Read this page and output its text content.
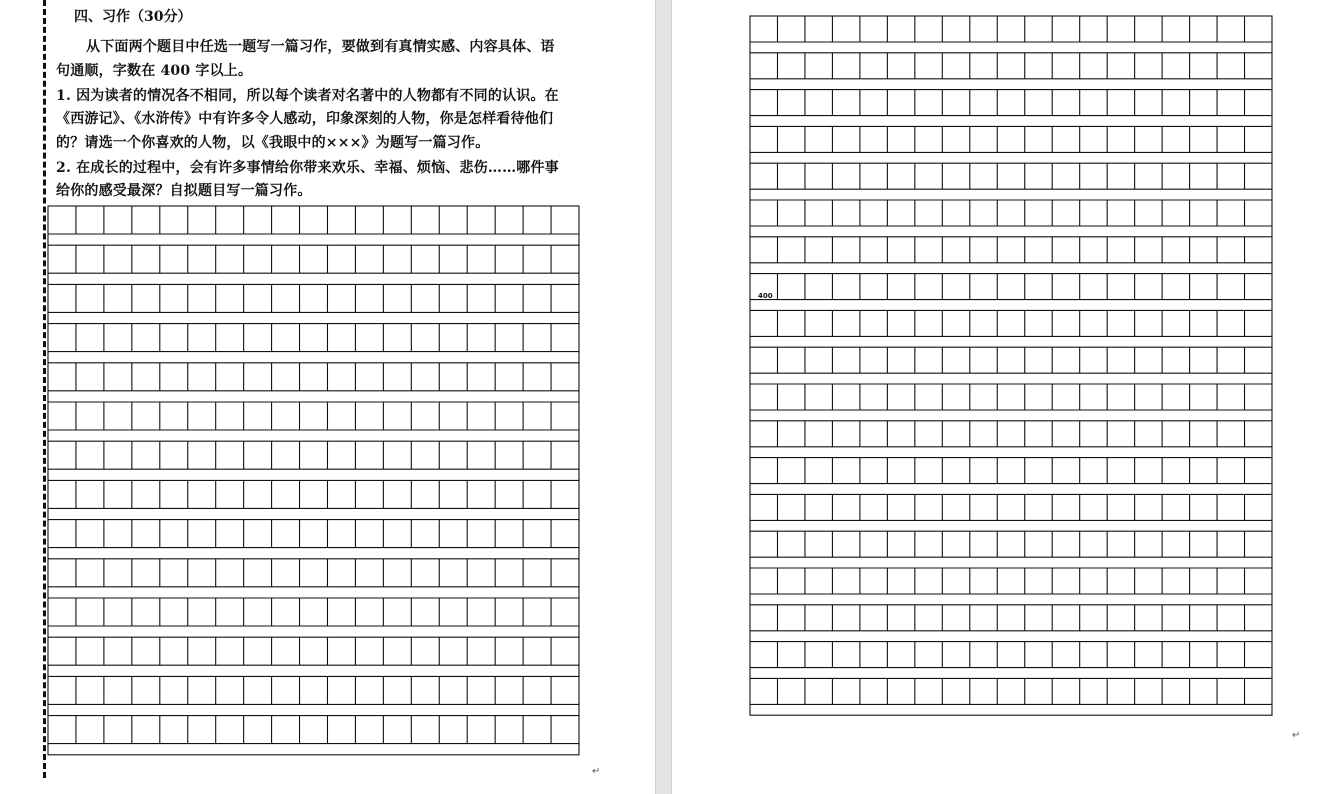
四、习作（30分）
从下面两个题目中任选一题写一篇习作，要做到有真情实感、内容具体、语
句通顺，字数在 400 字以上。
1. 因为读者的情况各不相同，所以每个读者对名著中的人物都有不同的认识。在
《西游记》、《水浒传》中有许多令人感动，印象深刻的人物，你是怎样看待他们
的？请选一个你喜欢的人物，以《我眼中的×××》为题写一篇习作。
2. 在成长的过程中，会有许多事情给你带来欢乐、幸福、烦恼、悲伤……哪件事
给你的感受最深？自拟题目写一篇习作。
↵
↵
400
